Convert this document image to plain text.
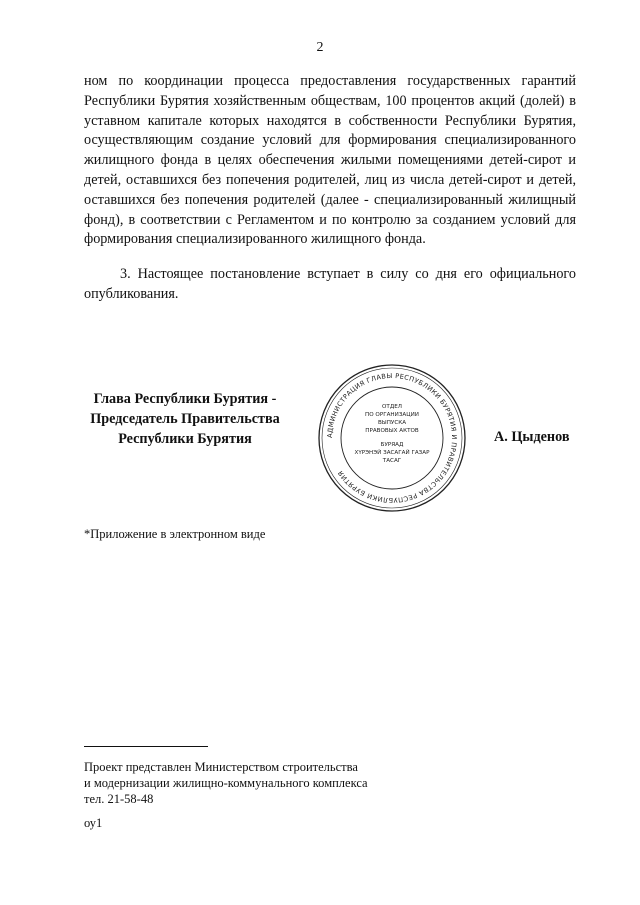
2

ном по координации процесса предоставления государственных гарантий Республики Бурятия хозяйственным обществам, 100 процентов акций (долей) в уставном капитале которых находятся в собственности Республики Бурятия, осуществляющим создание условий для формирования специализированного жилищного фонда в целях обеспечения жилыми помещениями детей-сирот и детей, оставшихся без попечения родителей, лиц из числа детей-сирот и детей, оставшихся без попечения родителей (далее - специализированный жилищный фонд), в соответствии с Регламентом и по контролю за созданием условий для формирования специализированного жилищного фонда.

3. Настоящее постановление вступает в силу со дня его официального опубликования.

Глава Республики Бурятия -
Председатель Правительства
Республики Бурятия	АДМИНИСТРАЦИЯ ГЛАВЫ РЕСПУБЛИКИ БУРЯТИЯ И ПРАВИТЕЛЬСТВА РЕСПУБЛИКИ БУРЯТИЯ
ОТДЕЛ
ПО ОРГАНИЗАЦИИ
ВЫПУСКА
ПРАВОВЫХ АКТОВ
БУРЯАД
ХҮРЭНЭЙ ЗАСАГАЙ ГАЗАР
ТАСАГ
А. Цыденов
*Приложение в электронном виде
Проект представлен Министерством строительства
и модернизации жилищно-коммунального комплекса
тел. 21-58-48
оу1
